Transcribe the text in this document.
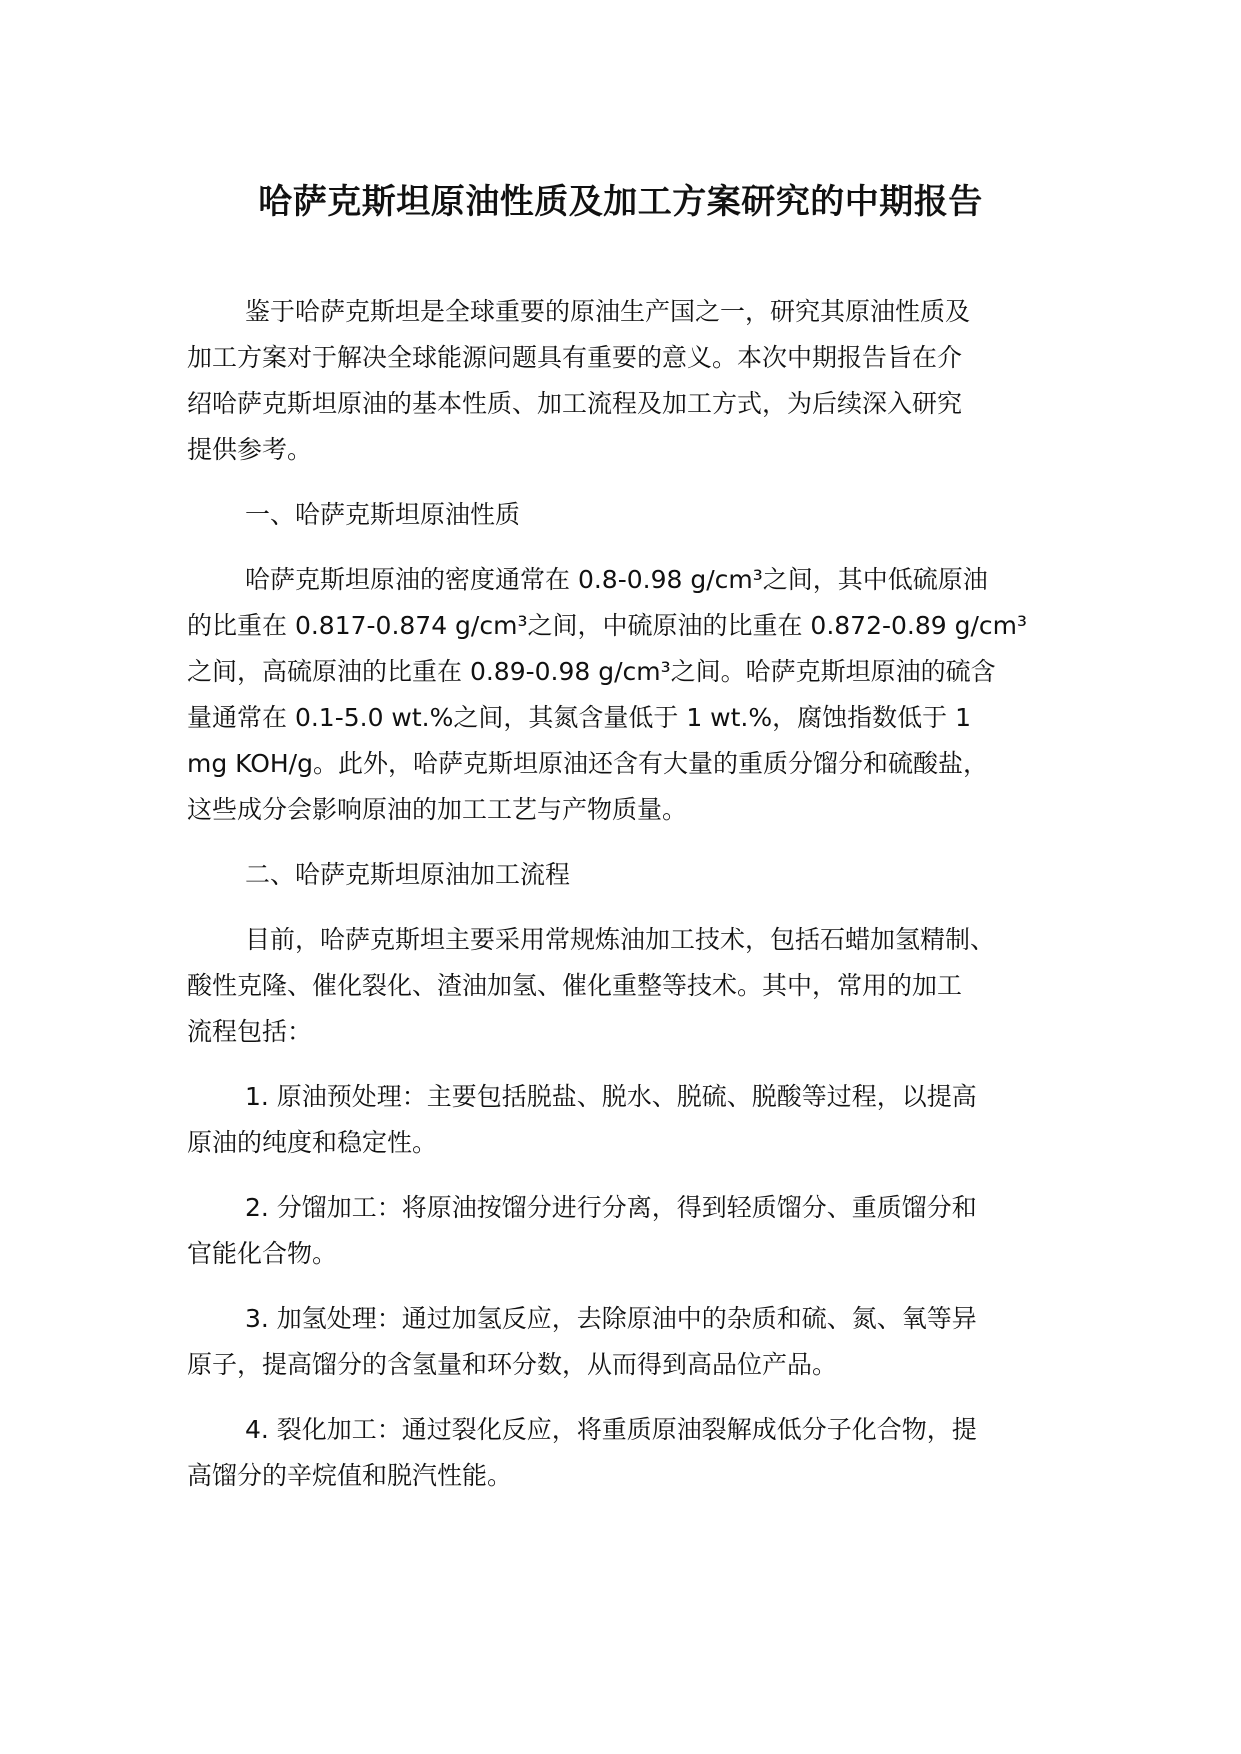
哈萨克斯坦原油性质及加工方案研究的中期报告
鉴于哈萨克斯坦是全球重要的原油生产国之一，研究其原油性质及
加工方案对于解决全球能源问题具有重要的意义。本次中期报告旨在介
绍哈萨克斯坦原油的基本性质、加工流程及加工方式，为后续深入研究
提供参考。
一、哈萨克斯坦原油性质
哈萨克斯坦原油的密度通常在 0.8-0.98 g/cm³之间，其中低硫原油
的比重在 0.817-0.874 g/cm³之间，中硫原油的比重在 0.872-0.89 g/cm³
之间，高硫原油的比重在 0.89-0.98 g/cm³之间。哈萨克斯坦原油的硫含
量通常在 0.1-5.0 wt.%之间，其氮含量低于 1 wt.%，腐蚀指数低于 1
mg KOH/g。此外，哈萨克斯坦原油还含有大量的重质分馏分和硫酸盐，
这些成分会影响原油的加工工艺与产物质量。
二、哈萨克斯坦原油加工流程
目前，哈萨克斯坦主要采用常规炼油加工技术，包括石蜡加氢精制、
酸性克隆、催化裂化、渣油加氢、催化重整等技术。其中，常用的加工
流程包括：
1. 原油预处理：主要包括脱盐、脱水、脱硫、脱酸等过程，以提高
原油的纯度和稳定性。
2. 分馏加工：将原油按馏分进行分离，得到轻质馏分、重质馏分和
官能化合物。
3. 加氢处理：通过加氢反应，去除原油中的杂质和硫、氮、氧等异
原子，提高馏分的含氢量和环分数，从而得到高品位产品。
4. 裂化加工：通过裂化反应，将重质原油裂解成低分子化合物，提
高馏分的辛烷值和脱汽性能。
